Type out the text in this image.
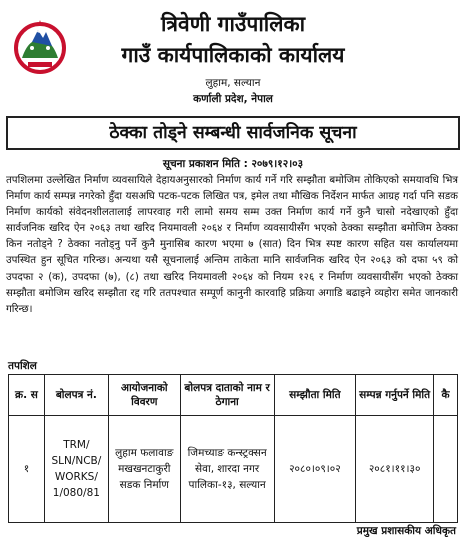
त्रिवेणी गाउँपालिका
गाउँ कार्यपालिकाको कार्यालय
लुहाम, सल्यान
कर्णाली प्रदेश, नेपाल
ठेक्का तोड्ने सम्बन्धी सार्वजनिक सूचना
सूचना प्रकाशन मिति : २०७९।१२।०३

तपशिलमा उल्लेखित निर्माण व्यवसायिले देहायअनुसारको निर्माण कार्य गर्ने गरि सम्झौता बमोजिम तोकिएको समयावधि भित्र निर्माण कार्य सम्पन्न नगरेको हुँदा यसअघि पटक-पटक लिखित पत्र, इमेल तथा मौखिक निर्देशन मार्फत आग्रह गर्दा पनि सडक निर्माण कार्यको संवेदनशीलतालाई लापरवाह गरी लामो समय सम्म उक्त निर्माण कार्य गर्ने कुनै चासो नदेखाएको हुँदा सार्वजनिक खरिद ऐन २०६३ तथा खरिद नियमावली २०६४ र निर्माण व्यवसायीसँग भएको ठेक्का सम्झौता बमोजिम ठेक्का किन नतोड्ने ? ठेक्का नतोड्नु पर्ने कुनै मुनासिब कारण भएमा ७ (सात) दिन भित्र स्पष्ट कारण सहित यस कार्यालयमा उपस्थित हुन सूचित गरिन्छ। अन्यथा यसै सूचनालाई अन्तिम ताकेता मानि सार्वजनिक खरिद ऐन २०६३ को दफा ५९ को उपदफा २ (क), उपदफा (७), (८) तथा खरिद नियमावली २०६४ को नियम १२६ र निर्माण व्यवसायीसँग भएको ठेक्का सम्झौता बमोजिम खरिद सम्झौता रद्द गरि ततपश्चात सम्पूर्ण कानुनी कारवाहि प्रक्रिया अगाडि बढाइने व्यहोरा समेत जानकारी गरिन्छ।

तपशिल
क्र. स	बोलपत्र नं.	आयोजनाको विवरण	बोलपत्र दाताको नाम र ठेगाना	सम्झौता मिति	सम्पन्न गर्नुपर्ने मिति	कै
१	TRM/ SLN/NCB/ WORKS/ 1/080/81	लुहाम फलावाङ मखखनटाकुरी सडक निर्माण	जिमच्याङ कन्स्ट्रक्सन सेवा, शारदा नगर पालिका-१३, सल्यान	२०८०।०९।०२	२०८१।११।३०	
प्रमुख प्रशासकीय अधिकृत
